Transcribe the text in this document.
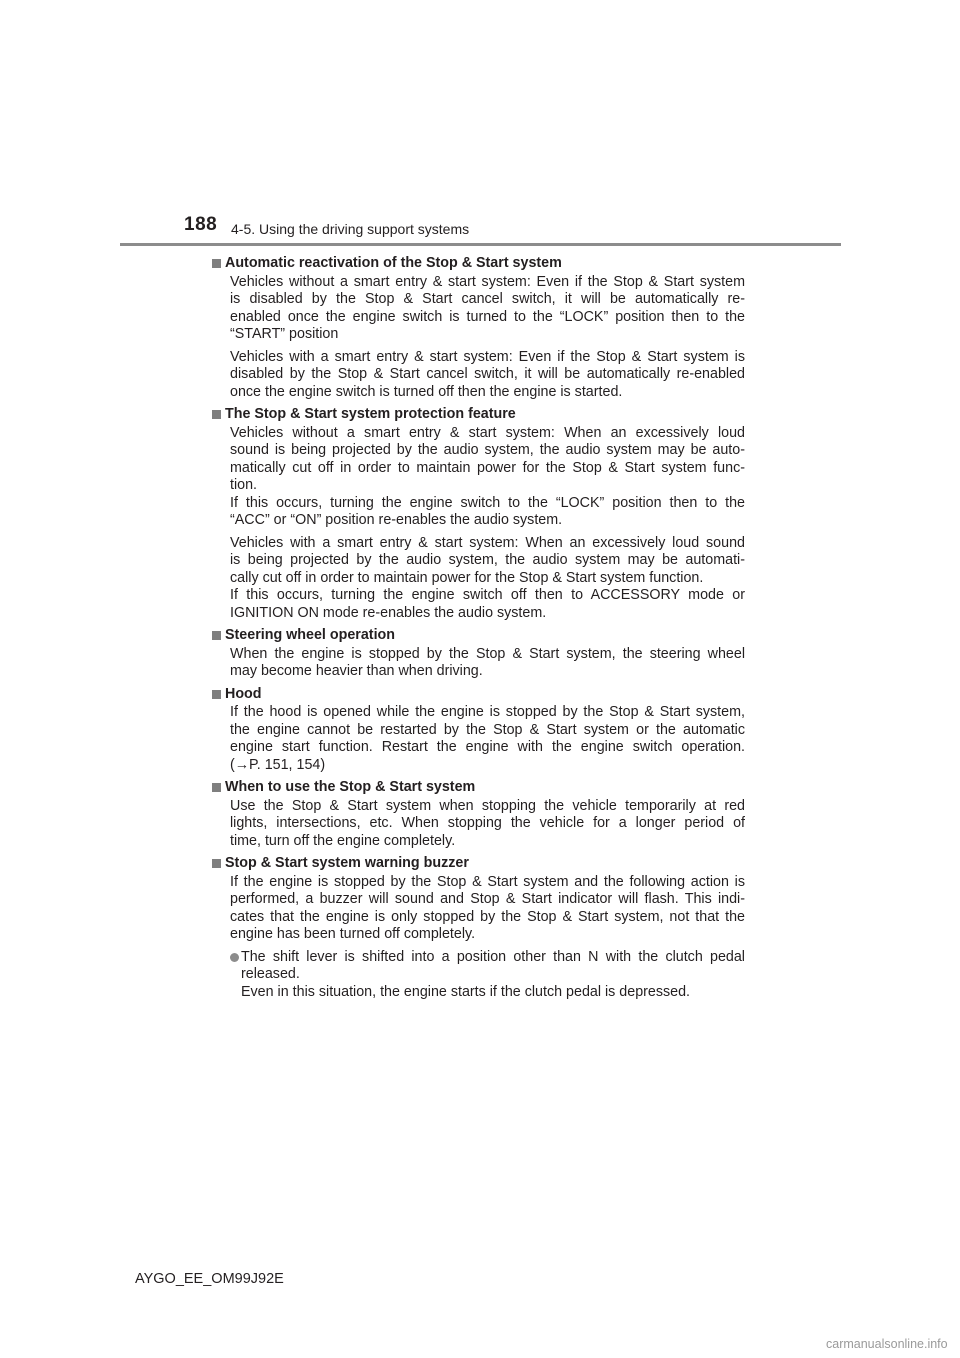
188 4-5. Using the driving support systems
Automatic reactivation of the Stop & Start system
Vehicles without a smart entry & start system: Even if the Stop & Start system
is disabled by the Stop & Start cancel switch, it will be automatically re-
enabled once the engine switch is turned to the “LOCK” position then to the
“START” position
Vehicles with a smart entry & start system: Even if the Stop & Start system is
disabled by the Stop & Start cancel switch, it will be automatically re-enabled
once the engine switch is turned off then the engine is started.
The Stop & Start system protection feature
Vehicles without a smart entry & start system: When an excessively loud
sound is being projected by the audio system, the audio system may be auto-
matically cut off in order to maintain power for the Stop & Start system func-
tion.
If this occurs, turning the engine switch to the “LOCK” position then to the
“ACC” or “ON” position re-enables the audio system.
Vehicles with a smart entry & start system: When an excessively loud sound
is being projected by the audio system, the audio system may be automati-
cally cut off in order to maintain power for the Stop & Start system function.
If this occurs, turning the engine switch off then to ACCESSORY mode or
IGNITION ON mode re-enables the audio system.
Steering wheel operation
When the engine is stopped by the Stop & Start system, the steering wheel
may become heavier than when driving.
Hood
If the hood is opened while the engine is stopped by the Stop & Start system,
the engine cannot be restarted by the Stop & Start system or the automatic
engine start function. Restart the engine with the engine switch operation.
(→P. 151, 154)
When to use the Stop & Start system
Use the Stop & Start system when stopping the vehicle temporarily at red
lights, intersections, etc. When stopping the vehicle for a longer period of
time, turn off the engine completely.
Stop & Start system warning buzzer
If the engine is stopped by the Stop & Start system and the following action is
performed, a buzzer will sound and Stop & Start indicator will flash. This indi-
cates that the engine is only stopped by the Stop & Start system, not that the
engine has been turned off completely.
The shift lever is shifted into a position other than N with the clutch pedal
released.
Even in this situation, the engine starts if the clutch pedal is depressed.
AYGO_EE_OM99J92E
carmanualsonline.info
